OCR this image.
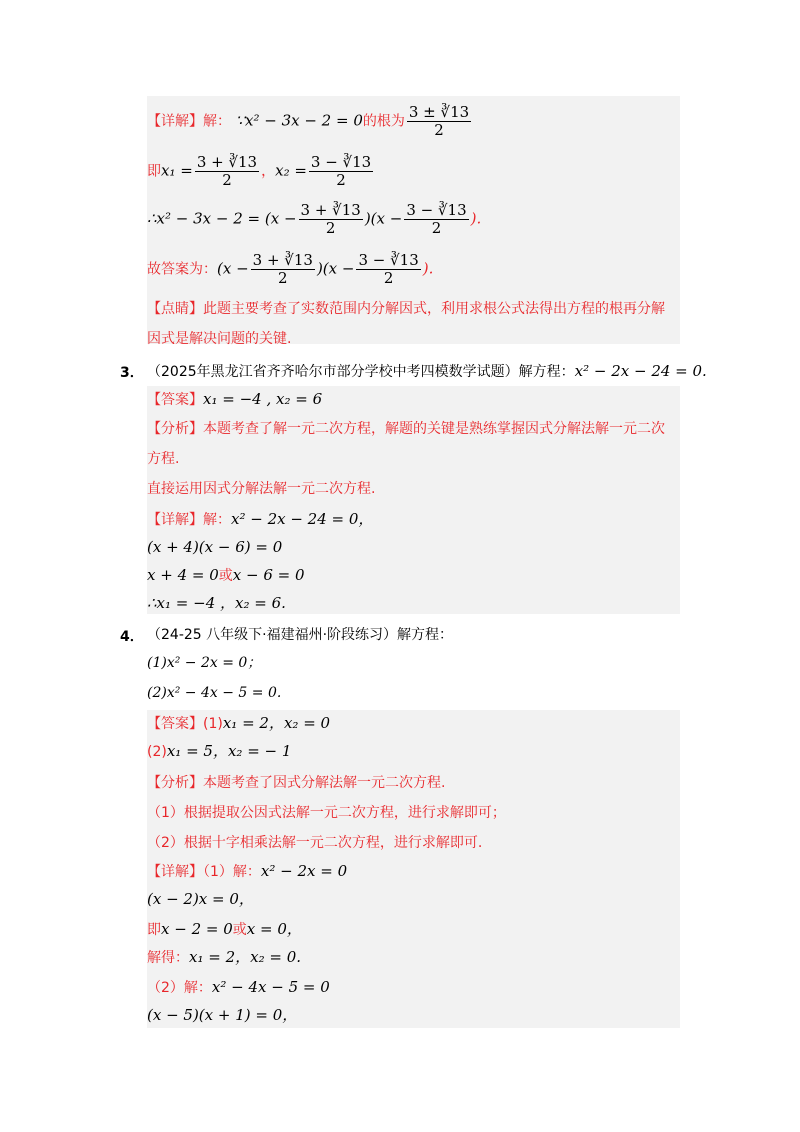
【详解】解： ∵x² − 3x − 2 = 0的根为 $\frac{3 \pm ∛13}{2}$
即$x_1 = \frac{3 + ∛13}{2}$ ，$x_2 = \frac{3 - ∛13}{2}$
∴x² − $3x - 2 = (x - \frac{3 + ∛13}{2} )(x - \frac{3 - ∛13}{2}$ ).
故答案为：$(x - \frac{3 + ∛13}{2} )(x - \frac{3 - ∛13}{2}$ ).
【点睛】此题主要考查了实数范围内分解因式，利用求根公式法得出方程的根再分解
因式是解决问题的关键.
3． （2025年黑龙江省齐齐哈尔市部分学校中考四模数学试题）解方程：x² − 2x − 24 = 0.
【答案】x₁ = −4 , x₂ = 6
【分析】本题考查了解一元二次方程，解题的关键是熟练掌握因式分解法解一元二次
方程.
直接运用因式分解法解一元二次方程.
【详解】解：x² − 2x − 24 = 0，
(x + 4)(x − 6) = 0
x + 4 = 0或x − 6 = 0
∴x₁ = −4 ，x₂ = 6.
4． （24-25 八年级下·福建福州·阶段练习）解方程：
(1)x² − 2x = 0；
(2)x² − 4x − 5 = 0.
【答案】(1)x₁ = 2，x₂ = 0
(2)x₁ = 5，x₂ = − 1
【分析】本题考查了因式分解法解一元二次方程.
（1）根据提取公因式法解一元二次方程，进行求解即可；
（2）根据十字相乘法解一元二次方程，进行求解即可.
【详解】（1）解：x² − 2x = 0
(x − 2)x = 0，
即x − 2 = 0或x = 0，
解得：x₁ = 2，x₂ = 0.
（2）解：x² − 4x − 5 = 0
(x − 5)(x + 1) = 0，
